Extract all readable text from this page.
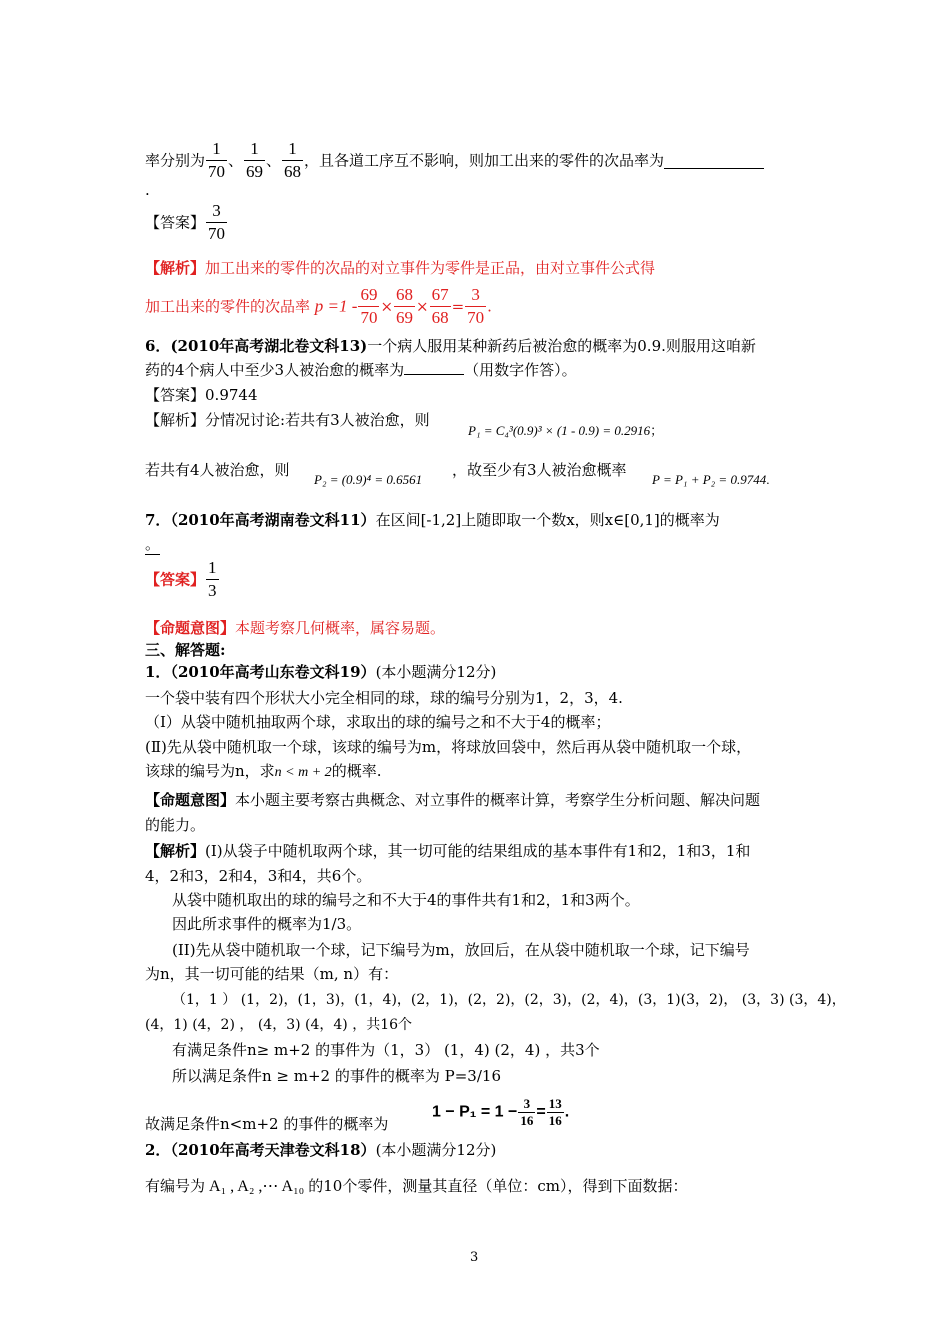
率分别为 $\frac{1}{70}$ 、 $\frac{1}{69}$ 、 $\frac{1}{68}$ ，且各道工序互不影响，则加工出来的零件的次品率为
.
【答案】 $\frac{3}{70}$
【解析】加工出来的零件的次品的对立事件为零件是正品，由对立事件公式得
加工出来的零件的次品率 $p =1 - \frac{69}{70} \times \frac{68}{69} \times \frac{67}{68} = \frac{3}{70}$ .
6．(2010年高考湖北卷文科13)一个病人服用某种新药后被治愈的概率为0.9.则服用这咱新
药的4个病人中至少3人被治愈的概率为	（用数字作答）。
【答案】0.9744
【解析】分情况讨论:若共有3人被治愈，则
P₁ = C₄³(0.9)³ × (1 - 0.9) = 0.2916；
若共有4人被治愈，则
P₂ = (0.9)⁴ = 0.6561
，故至少有3人被治愈概率
P = P₁ + P₂ = 0.9744.
7．（2010年高考湖南卷文科11）在区间[-1,2]上随即取一个数x，则x∈[0,1]的概率为
。
【答案】 $\frac{1}{3}$
【命题意图】本题考察几何概率，属容易题。
三、解答题:
1．（2010年高考山东卷文科19）(本小题满分12分)
一个袋中装有四个形状大小完全相同的球，球的编号分别为1，2，3，4.
（Ⅰ）从袋中随机抽取两个球，求取出的球的编号之和不大于4的概率；
(Ⅱ)先从袋中随机取一个球，该球的编号为m，将球放回袋中，然后再从袋中随机取一个球，
该球的编号为n，求n < m + 2的概率.
【命题意图】本小题主要考察古典概念、对立事件的概率计算，考察学生分析问题、解决问题
的能力。
【解析】(I)从袋子中随机取两个球，其一切可能的结果组成的基本事件有1和2，1和3，1和
4，2和3，2和4，3和4，共6个。
从袋中随机取出的球的编号之和不大于4的事件共有1和2，1和3两个。
因此所求事件的概率为1/3。
(II)先从袋中随机取一个球，记下编号为m，放回后，在从袋中随机取一个球，记下编号
为n，其一切可能的结果（m, n）有：
（1，1 ） (1，2)，(1，3)，(1，4)，(2，1)，(2，2)，(2，3)，(2，4)，(3，1)(3，2)， (3，3) (3，4)，
(4，1) (4，2) ， (4，3) (4，4) ，共16个
有满足条件n≥ m+2 的事件为（1，3） (1，4) (2，4) ，共3个
所以满足条件n ≥ m+2 的事件的概率为 P=3/16
故满足条件n<m+2 的事件的概率为
$1 - P_1 = 1 - \frac{3}{16} = \frac{13}{16}$ .
2．（2010年高考天津卷文科18）(本小题满分12分)
有编号为 A₁ , A₂ ,⋯ A₁₀ 的10个零件，测量其直径（单位：cm），得到下面数据：
3
